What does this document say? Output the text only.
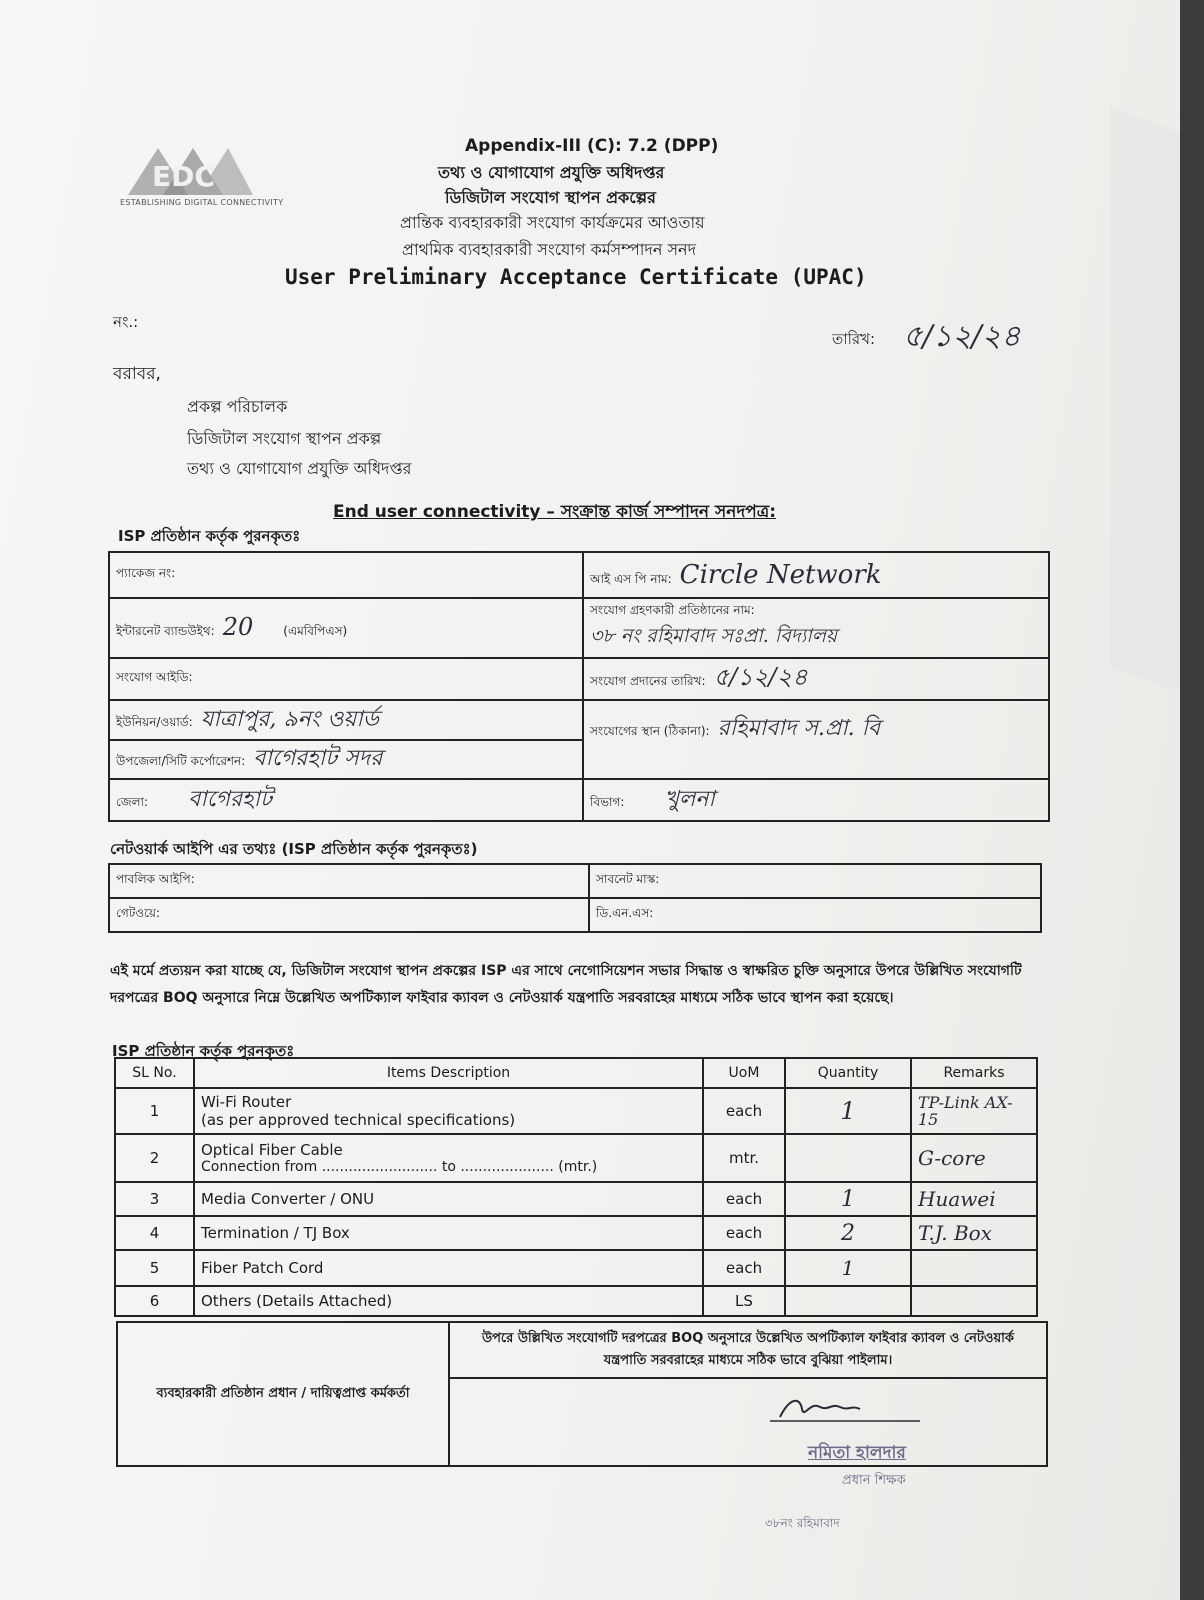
EDC
ESTABLISHING DIGITAL CONNECTIVITY
Appendix-III (C): 7.2 (DPP)
তথ্য ও যোগাযোগ প্রযুক্তি অধিদপ্তর
ডিজিটাল সংযোগ স্থাপন প্রকল্পের
প্রান্তিক ব্যবহারকারী সংযোগ কার্যক্রমের আওতায়
প্রাথমিক ব্যবহারকারী সংযোগ কর্মসম্পাদন সনদ
User Preliminary Acceptance Certificate (UPAC)
নং.:
তারিখ: ৫/১২/২৪
বরাবর,
প্রকল্প পরিচালক
ডিজিটাল সংযোগ স্থাপন প্রকল্প
তথ্য ও যোগাযোগ প্রযুক্তি অধিদপ্তর
End user connectivity – সংক্রান্ত কার্জ সম্পাদন সনদপত্র:
ISP প্রতিষ্ঠান কর্তৃক পুরনকৃতঃ
প্যাকেজ নং:	আই এস পি নাম: Circle Network
ইন্টারনেট ব্যান্ডউইথ: 20 (এমবিপিএস)	সংযোগ গ্রহণকারী প্রতিষ্ঠানের নাম:
৩৮ নং রহিমাবাদ সঃপ্রা. বিদ্যালয়

সংযোগ আইডি:	সংযোগ প্রদানের তারিখ: ৫/১২/২৪
ইউনিয়ন/ওয়ার্ড: যাত্রাপুর, ৯নং ওয়ার্ড	সংযোগের স্থান (ঠিকানা): রহিমাবাদ স.প্রা. বি
উপজেলা/সিটি কর্পোরেশন: বাগেরহাট সদর	
জেলা: বাগেরহাট	বিভাগ: খুলনা
নেটওয়ার্ক আইপি এর তথ্যঃ (ISP প্রতিষ্ঠান কর্তৃক পুরনকৃতঃ)
পাবলিক আইপি:	সাবনেট মাস্ক:
গেটওয়ে:	ডি.এন.এস:
এই মর্মে প্রত্যয়ন করা যাচ্ছে যে, ডিজিটাল সংযোগ স্থাপন প্রকল্পের ISP এর সাথে নেগোসিয়েশন সভার সিদ্ধান্ত ও স্বাক্ষরিত চুক্তি অনুসারে উপরে উল্লিখিত সংযোগটি দরপত্রের BOQ অনুসারে নিম্নে উল্লেখিত অপটিক্যাল ফাইবার ক্যাবল ও নেটওয়ার্ক যন্ত্রপাতি সরবরাহের মাধ্যমে সঠিক ভাবে স্থাপন করা হয়েছে।
ISP প্রতিষ্ঠান কর্তৃক পুরনকৃতঃ
SL No.	Items Description	UoM	Quantity	Remarks
1	Wi-Fi Router
(as per approved technical specifications)	each	1	TP-Link AX-15
2	Optical Fiber Cable
Connection from .......................... to ..................... (mtr.)	mtr.		G-core
3	Media Converter / ONU	each	1	Huawei
4	Termination / TJ Box	each	2	T.J. Box
5	Fiber Patch Cord	each	1	
6	Others (Details Attached)	LS		
ব্যবহারকারী প্রতিষ্ঠান প্রধান / দায়িত্বপ্রাপ্ত কর্মকর্তা	উপরে উল্লিখিত সংযোগটি দরপত্রের BOQ অনুসারে উল্লেখিত অপটিক্যাল ফাইবার ক্যাবল ও নেটওয়ার্ক যন্ত্রপাতি সরবরাহের মাধ্যমে সঠিক ভাবে বুঝিয়া পাইলাম।

নমিতা হালদার
প্রধান শিক্ষক
৩৮নং রহিমাবাদ
